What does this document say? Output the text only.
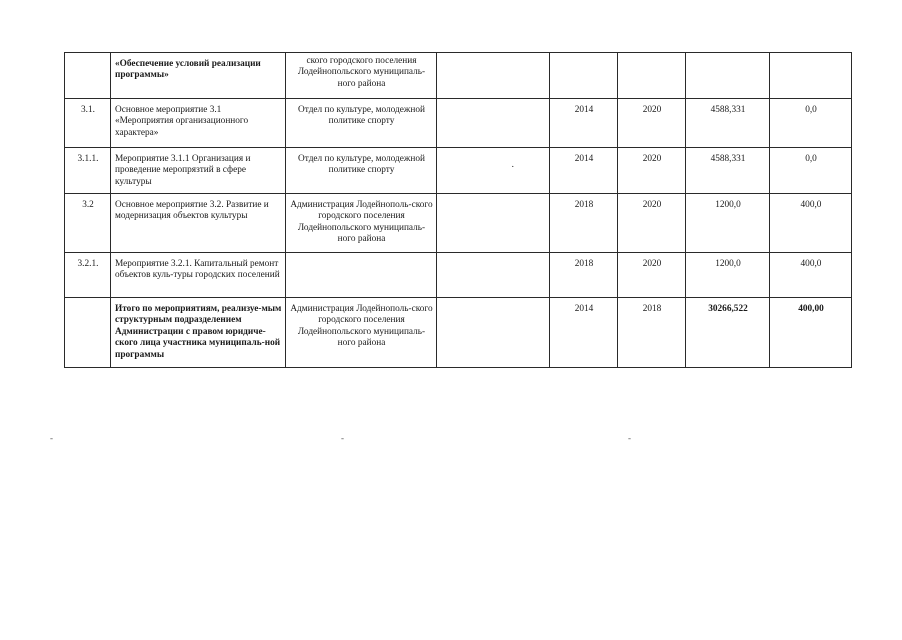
	«Обеспечение условий реализации программы»	ского городского поселения Лодейнопольского муниципаль-ного района					
3.1.	Основное мероприятие 3.1 «Мероприятия организационного характера»	Отдел по культуре, молодежной политике спорту		2014	2020	4588,331	0,0
3.1.1.	Мероприятие 3.1.1 Организация и проведение меропрязтий в сфере культуры	Отдел по культуре, молодежной политике спорту	.	2014	2020	4588,331	0,0
3.2	Основное мероприятие 3.2. Развитие и модернизация объектов культуры	Администрация Лодейнополь-ского городского поселения Лодейнопольского муниципаль-ного района		2018	2020	1200,0	400,0
3.2.1.	Мероприятие 3.2.1. Капитальный ремонт объектов куль-туры городских поселений			2018	2020	1200,0	400,0
	Итого по мероприятиям, реализуе-мым структурным подразделением Администрации с правом юридиче-ского лица участника муниципаль-ной программы	Администрация Лодейнополь-ского городского поселения Лодейнопольского муниципаль-ного района		2014	2018	30266,522	400,00
-	-	-
